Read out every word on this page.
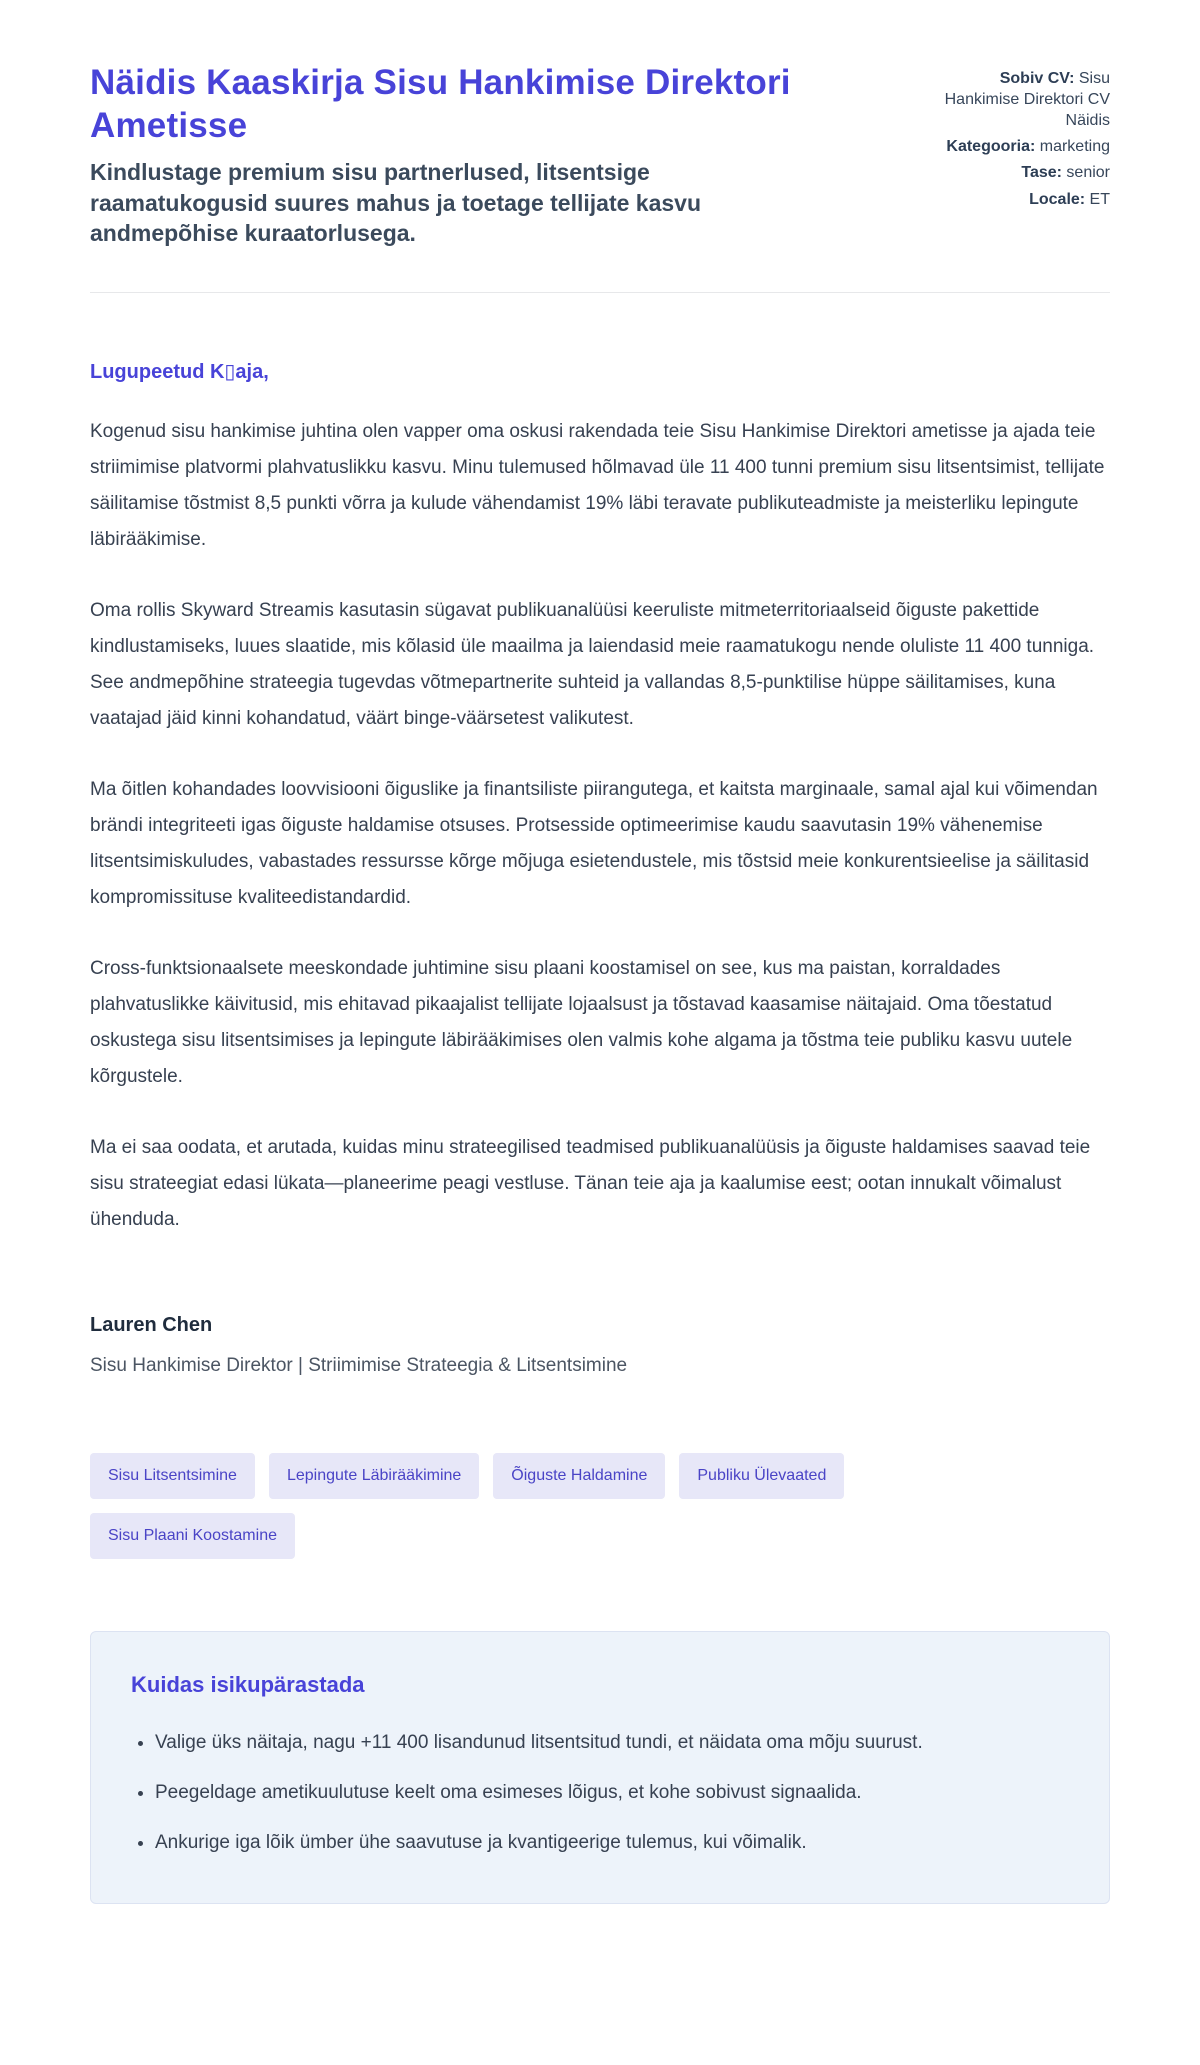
Näidis Kaaskirja Sisu Hankimise Direktori Ametisse

Kindlustage premium sisu partnerlused, litsentsige raamatukogusid suures mahus ja toetage tellijate kasvu andmepõhise kuraatorlusega.

Sobiv CV: Sisu Hankimise Direktori CV Näidis
Kategooria: marketing
Tase: senior
Locale: ET
Lugupeetud K▯aja,

Kogenud sisu hankimise juhtina olen vapper oma oskusi rakendada teie Sisu Hankimise Direktori ametisse ja ajada teie striimimise platvormi plahvatuslikku kasvu. Minu tulemused hõlmavad üle 11 400 tunni premium sisu litsentsimist, tellijate säilitamise tõstmist 8,5 punkti võrra ja kulude vähendamist 19% läbi teravate publikuteadmiste ja meisterliku lepingute läbirääkimise.

Oma rollis Skyward Streamis kasutasin sügavat publikuanalüüsi keeruliste mitmeterritoriaalseid õiguste pakettide kindlustamiseks, luues slaatide, mis kõlasid üle maailma ja laiendasid meie raamatukogu nende oluliste 11 400 tunniga. See andmepõhine strateegia tugevdas võtmepartnerite suhteid ja vallandas 8,5-punktilise hüppe säilitamises, kuna vaatajad jäid kinni kohandatud, väärt binge-väärsetest valikutest.

Ma õitlen kohandades loovvisiooni õiguslike ja finantsiliste piirangutega, et kaitsta marginaale, samal ajal kui võimendan brändi integriteeti igas õiguste haldamise otsuses. Protsesside optimeerimise kaudu saavutasin 19% vähenemise litsentsimiskuludes, vabastades ressursse kõrge mõjuga esietendustele, mis tõstsid meie konkurentsieelise ja säilitasid kompromissituse kvaliteedistandardid.

Cross-funktsionaalsete meeskondade juhtimine sisu plaani koostamisel on see, kus ma paistan, korraldades plahvatuslikke käivitusid, mis ehitavad pikaajalist tellijate lojaalsust ja tõstavad kaasamise näitajaid. Oma tõestatud oskustega sisu litsentsimises ja lepingute läbirääkimises olen valmis kohe algama ja tõstma teie publiku kasvu uutele kõrgustele.

Ma ei saa oodata, et arutada, kuidas minu strateegilised teadmised publikuanalüüsis ja õiguste haldamises saavad teie sisu strateegiat edasi lükata—planeerime peagi vestluse. Tänan teie aja ja kaalumise eest; ootan innukalt võimalust ühenduda.

Lauren Chen
Sisu Hankimise Direktor | Striimimise Strateegia & Litsentsimine
Sisu Litsentsimine	Lepingute Läbirääkimine	Õiguste Haldamine	Publiku Ülevaated
Sisu Plaani Koostamine
Kuidas isikupärastada
• Valige üks näitaja, nagu +11 400 lisandunud litsentsitud tundi, et näidata oma mõju suurust.
• Peegeldage ametikuulutuse keelt oma esimeses lõigus, et kohe sobivust signaalida.
• Ankurige iga lõik ümber ühe saavutuse ja kvantigeerige tulemus, kui võimalik.
